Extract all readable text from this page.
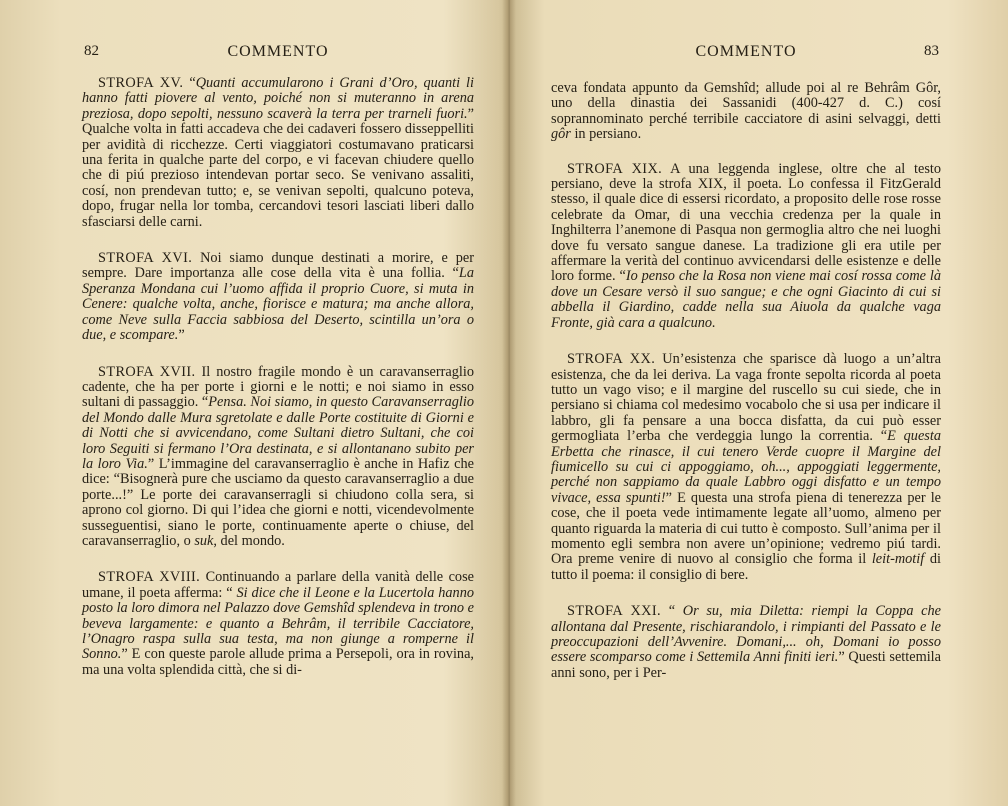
82	COMMENTO

STROFA XV. “Quanti accumularono i Grani d’Oro, quanti li hanno fatti piovere al vento, poiché non si muteranno in arena preziosa, dopo sepolti, nessuno scaverà la terra per trarneli fuori.” Qualche volta in fatti accadeva che dei cadaveri fossero disseppelliti per avidità di ricchezze. Certi viaggiatori costumavano praticarsi una ferita in qualche parte del corpo, e vi facevan chiudere quello che di piú prezioso intendevan portar seco. Se venivano assaliti, cosí, non prendevan tutto; e, se venivan sepolti, qualcuno poteva, dopo, frugar nella lor tomba, cercandovi tesori lasciati liberi dallo sfasciarsi delle carni.

STROFA XVI. Noi siamo dunque destinati a morire, e per sempre. Dare importanza alle cose della vita è una follia. “La Speranza Mondana cui l’uomo affida il proprio Cuore, si muta in Cenere: qualche volta, anche, fiorisce e matura; ma anche allora, come Neve sulla Faccia sabbiosa del Deserto, scintilla un’ora o due, e scompare.”

STROFA XVII. Il nostro fragile mondo è un caravanserraglio cadente, che ha per porte i giorni e le notti; e noi siamo in esso sultani di passaggio. “Pensa. Noi siamo, in questo Caravanserraglio del Mondo dalle Mura sgretolate e dalle Porte costituite di Giorni e di Notti che si avvicendano, come Sultani dietro Sultani, che coi loro Seguiti si fermano l’Ora destinata, e si allontanano subito per la loro Via.” L’immagine del caravanserraglio è anche in Hafiz che dice: “Bisognerà pure che usciamo da questo caravanserraglio a due porte...!” Le porte dei caravanserragli si chiudono colla sera, si aprono col giorno. Di qui l’idea che giorni e notti, vicendevolmente susseguentisi, siano le porte, continuamente aperte o chiuse, del caravanserraglio, o suk, del mondo.

STROFA XVIII. Continuando a parlare della vanità delle cose umane, il poeta afferma: “ Si dice che il Leone e la Lucertola hanno posto la loro dimora nel Palazzo dove Gemshîd splendeva in trono e beveva largamente: e quanto a Behrâm, il terribile Cacciatore, l’Onagro raspa sulla sua testa, ma non giunge a romperne il Sonno.” E con queste parole allude prima a Persepoli, ora in rovina, ma una volta splendida città, che si di-

COMMENTO	83

ceva fondata appunto da Gemshîd; allude poi al re Behrâm Gôr, uno della dinastia dei Sassanidi (400-427 d. C.) cosí soprannominato perché terribile cacciatore di asini selvaggi, detti gôr in persiano.

STROFA XIX. A una leggenda inglese, oltre che al testo persiano, deve la strofa XIX, il poeta. Lo confessa il FitzGerald stesso, il quale dice di essersi ricordato, a proposito delle rose rosse celebrate da Omar, di una vecchia credenza per la quale in Inghilterra l’anemone di Pasqua non germoglia altro che nei luoghi dove fu versato sangue danese. La tradizione gli era utile per affermare la verità del continuo avvicendarsi delle esistenze e delle loro forme. “Io penso che la Rosa non viene mai cosí rossa come là dove un Cesare versò il suo sangue; e che ogni Giacinto di cui si abbella il Giardino, cadde nella sua Aiuola da qualche vaga Fronte, già cara a qualcuno.

STROFA XX. Un’esistenza che sparisce dà luogo a un’altra esistenza, che da lei deriva. La vaga fronte sepolta ricorda al poeta tutto un vago viso; e il margine del ruscello su cui siede, che in persiano si chiama col medesimo vocabolo che si usa per indicare il labbro, gli fa pensare a una bocca disfatta, da cui può esser germogliata l’erba che verdeggia lungo la correntia. “E questa Erbetta che rinasce, il cui tenero Verde cuopre il Margine del fiumicello su cui ci appoggiamo, oh..., appoggiati leggermente, perché non sappiamo da quale Labbro oggi disfatto e un tempo vivace, essa spunti!” E questa una strofa piena di tenerezza per le cose, che il poeta vede intimamente legate all’uomo, almeno per quanto riguarda la materia di cui tutto è composto. Sull’anima per il momento egli sembra non avere un’opinione; vedremo piú tardi. Ora preme venire di nuovo al consiglio che forma il leit-motif di tutto il poema: il consiglio di bere.

STROFA XXI. “ Or su, mia Diletta: riempi la Coppa che allontana dal Presente, rischiarandolo, i rimpianti del Passato e le preoccupazioni dell’Avvenire. Domani,... oh, Domani io posso essere scomparso come i Settemila Anni finiti ieri.” Questi settemila anni sono, per i Per-
